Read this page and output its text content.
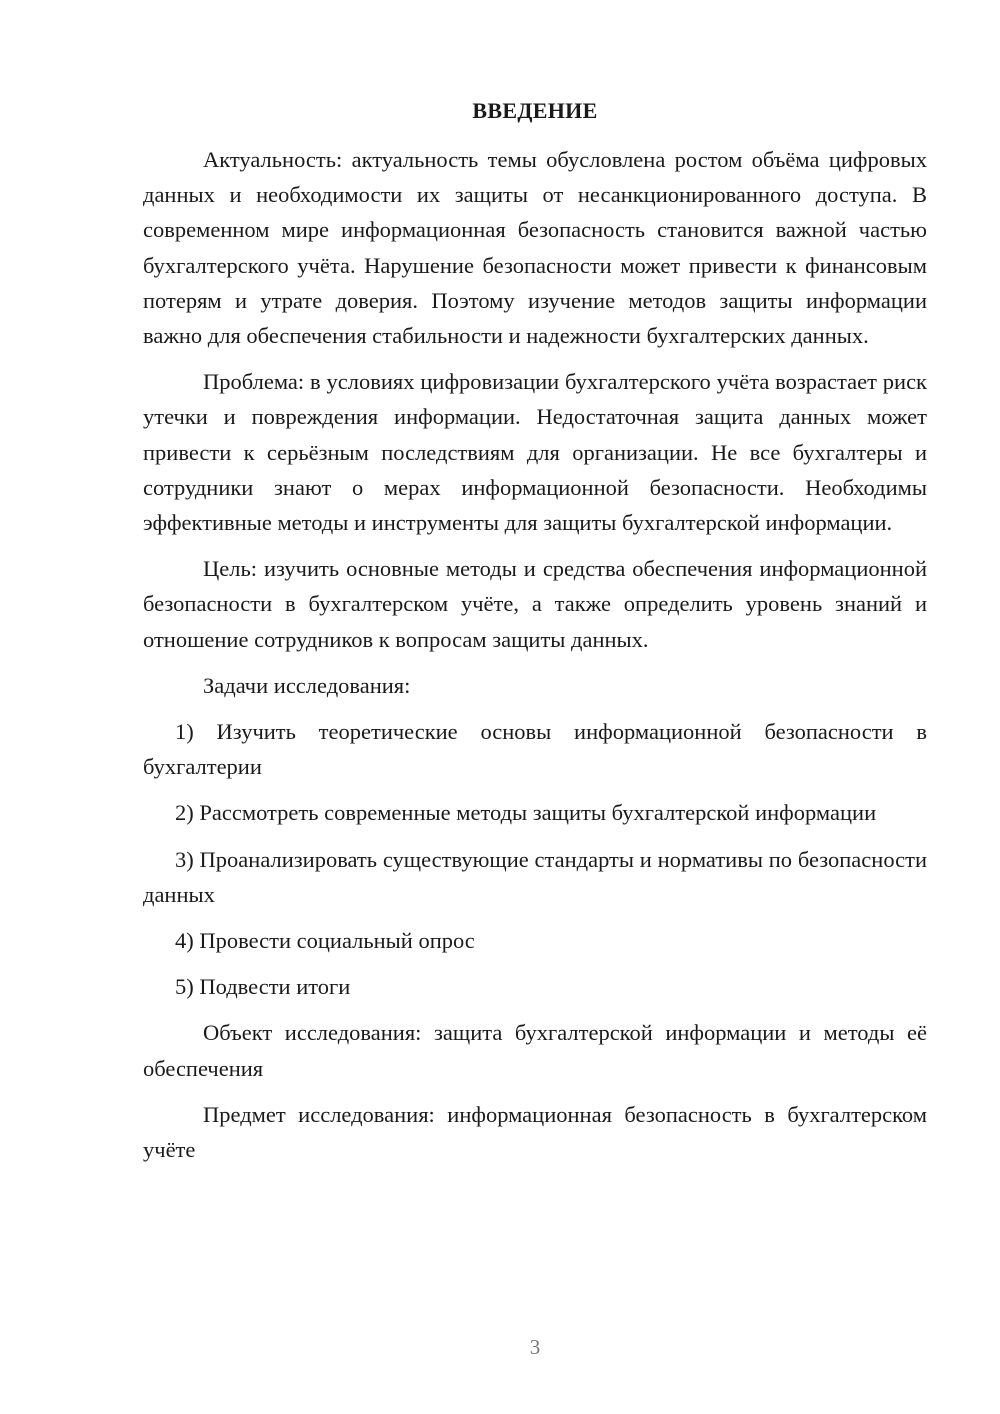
ВВЕДЕНИЕ

Актуальность: актуальность темы обусловлена ростом объёма цифровых данных и необходимости их защиты от несанкционированного доступа. В современном мире информационная безопасность становится важной частью бухгалтерского учёта. Нарушение безопасности может привести к финансовым потерям и утрате доверия. Поэтому изучение методов защиты информации важно для обеспечения стабильности и надежности бухгалтерских данных.

Проблема: в условиях цифровизации бухгалтерского учёта возрастает риск утечки и повреждения информации. Недостаточная защита данных может привести к серьёзным последствиям для организации. Не все бухгалтеры и сотрудники знают о мерах информационной безопасности. Необходимы эффективные методы и инструменты для защиты бухгалтерской информации.

Цель: изучить основные методы и средства обеспечения информационной безопасности в бухгалтерском учёте, а также определить уровень знаний и отношение сотрудников к вопросам защиты данных.

Задачи исследования:

1) Изучить теоретические основы информационной безопасности в бухгалтерии

2) Рассмотреть современные методы защиты бухгалтерской информации

3) Проанализировать существующие стандарты и нормативы по безопасности данных

4) Провести социальный опрос

5) Подвести итоги

Объект исследования: защита бухгалтерской информации и методы её обеспечения

Предмет исследования: информационная безопасность в бухгалтерском учёте

3
